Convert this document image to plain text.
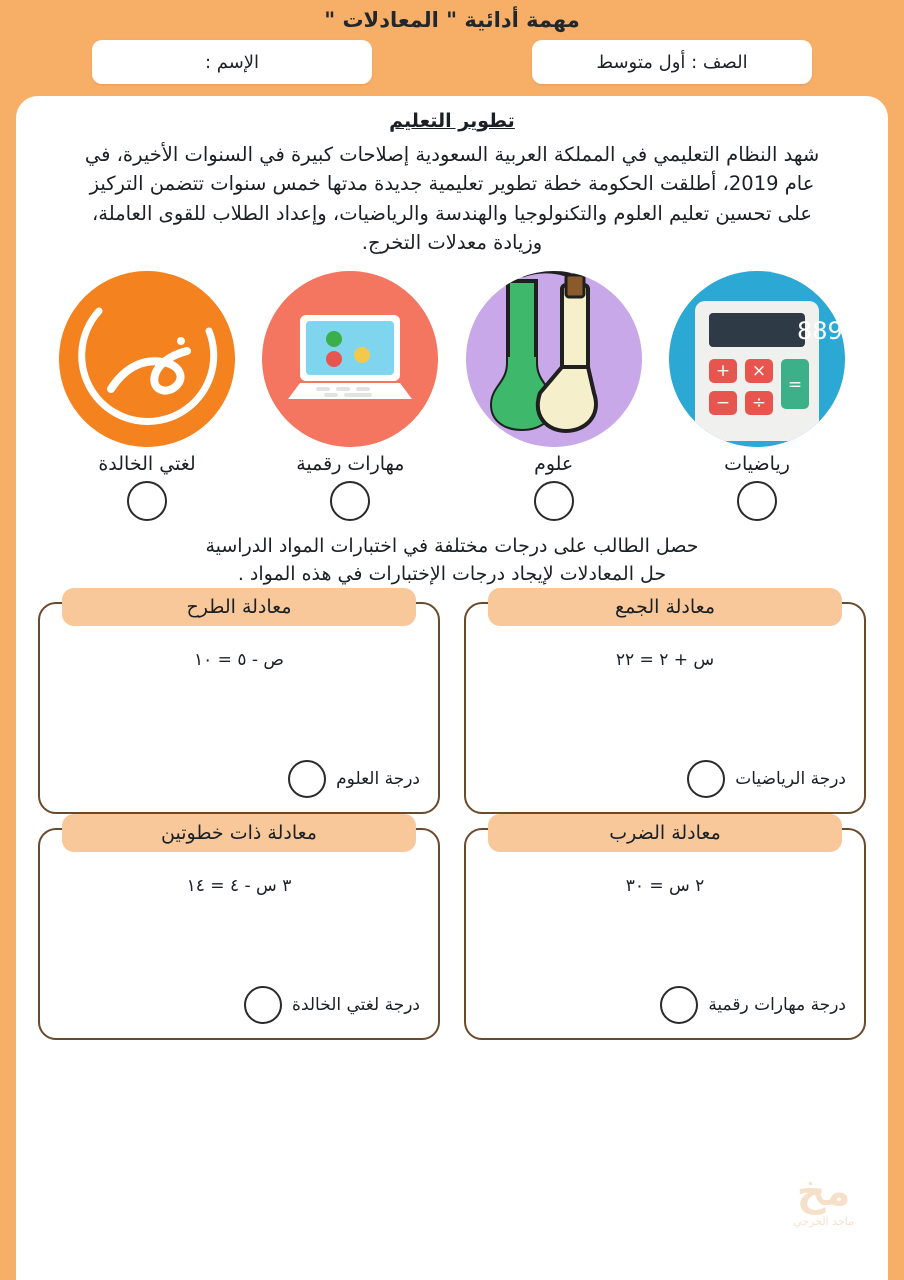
مهمة أدائية " المعادلات "
الصف : أول متوسط
الإسم :
تطوير التعليم
شهد النظام التعليمي في المملكة العربية السعودية إصلاحات كبيرة في السنوات الأخيرة، في عام 2019، أطلقت الحكومة خطة تطوير تعليمية جديدة مدتها خمس سنوات تتضمن التركيز على تحسين تعليم العلوم والتكنولوجيا والهندسة والرياضيات، وإعداد الطلاب للقوى العاملة، وزيادة معدلات التخرج.
لغتي الخالدة	مهارات رقمية	علوم
889
+ ×
=
− ÷
رياضيات
حصل الطالب على درجات مختلفة في اختبارات المواد الدراسية
حل المعادلات لإيجاد درجات الإختبارات في هذه المواد .
معادلة الجمع
س + ٢ = ٢٢
درجة الرياضيات
معادلة الطرح
ص - ٥ = ١٠
درجة العلوم
معادلة الضرب
٢ س = ٣٠
درجة مهارات رقمية
معادلة ذات خطوتين
٣ س - ٤ = ١٤
درجة لغتي الخالدة
مخ
ماجد الخرجي
